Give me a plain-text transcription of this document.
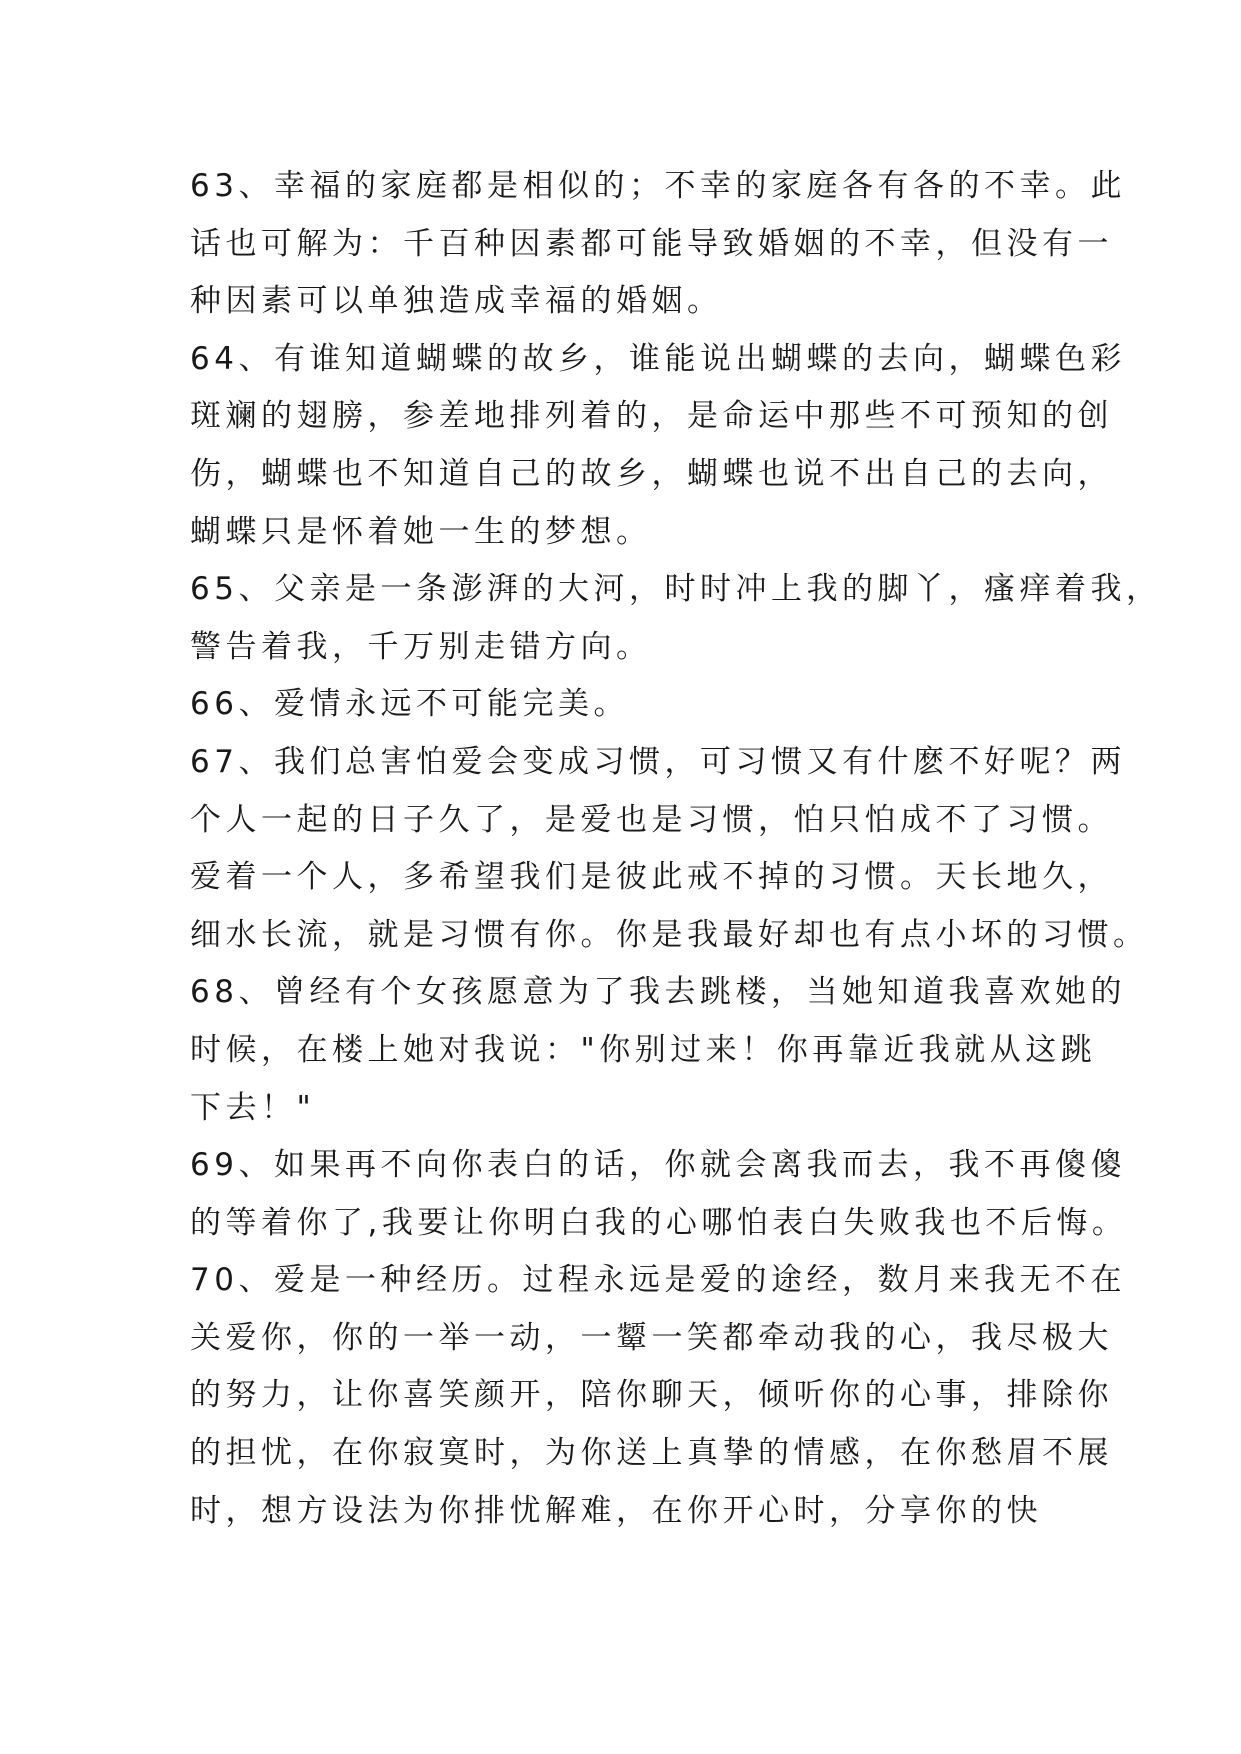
63、幸福的家庭都是相似的；不幸的家庭各有各的不幸。此
话也可解为：千百种因素都可能导致婚姻的不幸，但没有一
种因素可以单独造成幸福的婚姻。
64、有谁知道蝴蝶的故乡，谁能说出蝴蝶的去向，蝴蝶色彩
斑斓的翅膀，参差地排列着的，是命运中那些不可预知的创
伤，蝴蝶也不知道自己的故乡，蝴蝶也说不出自己的去向，
蝴蝶只是怀着她一生的梦想。
65、父亲是一条澎湃的大河，时时冲上我的脚丫，瘙痒着我，
警告着我，千万别走错方向。
66、爱情永远不可能完美。
67、我们总害怕爱会变成习惯，可习惯又有什麽不好呢？两
个人一起的日子久了，是爱也是习惯，怕只怕成不了习惯。
爱着一个人，多希望我们是彼此戒不掉的习惯。天长地久，
细水长流，就是习惯有你。你是我最好却也有点小坏的习惯。
68、曾经有个女孩愿意为了我去跳楼，当她知道我喜欢她的
时候，在楼上她对我说："你别过来！你再靠近我就从这跳
下去！"
69、如果再不向你表白的话，你就会离我而去，我不再傻傻
的等着你了,我要让你明白我的心哪怕表白失败我也不后悔。
70、爱是一种经历。过程永远是爱的途经，数月来我无不在
关爱你，你的一举一动，一颦一笑都牵动我的心，我尽极大
的努力，让你喜笑颜开，陪你聊天，倾听你的心事，排除你
的担忧，在你寂寞时，为你送上真挚的情感，在你愁眉不展
时，想方设法为你排忧解难，在你开心时，分享你的快
